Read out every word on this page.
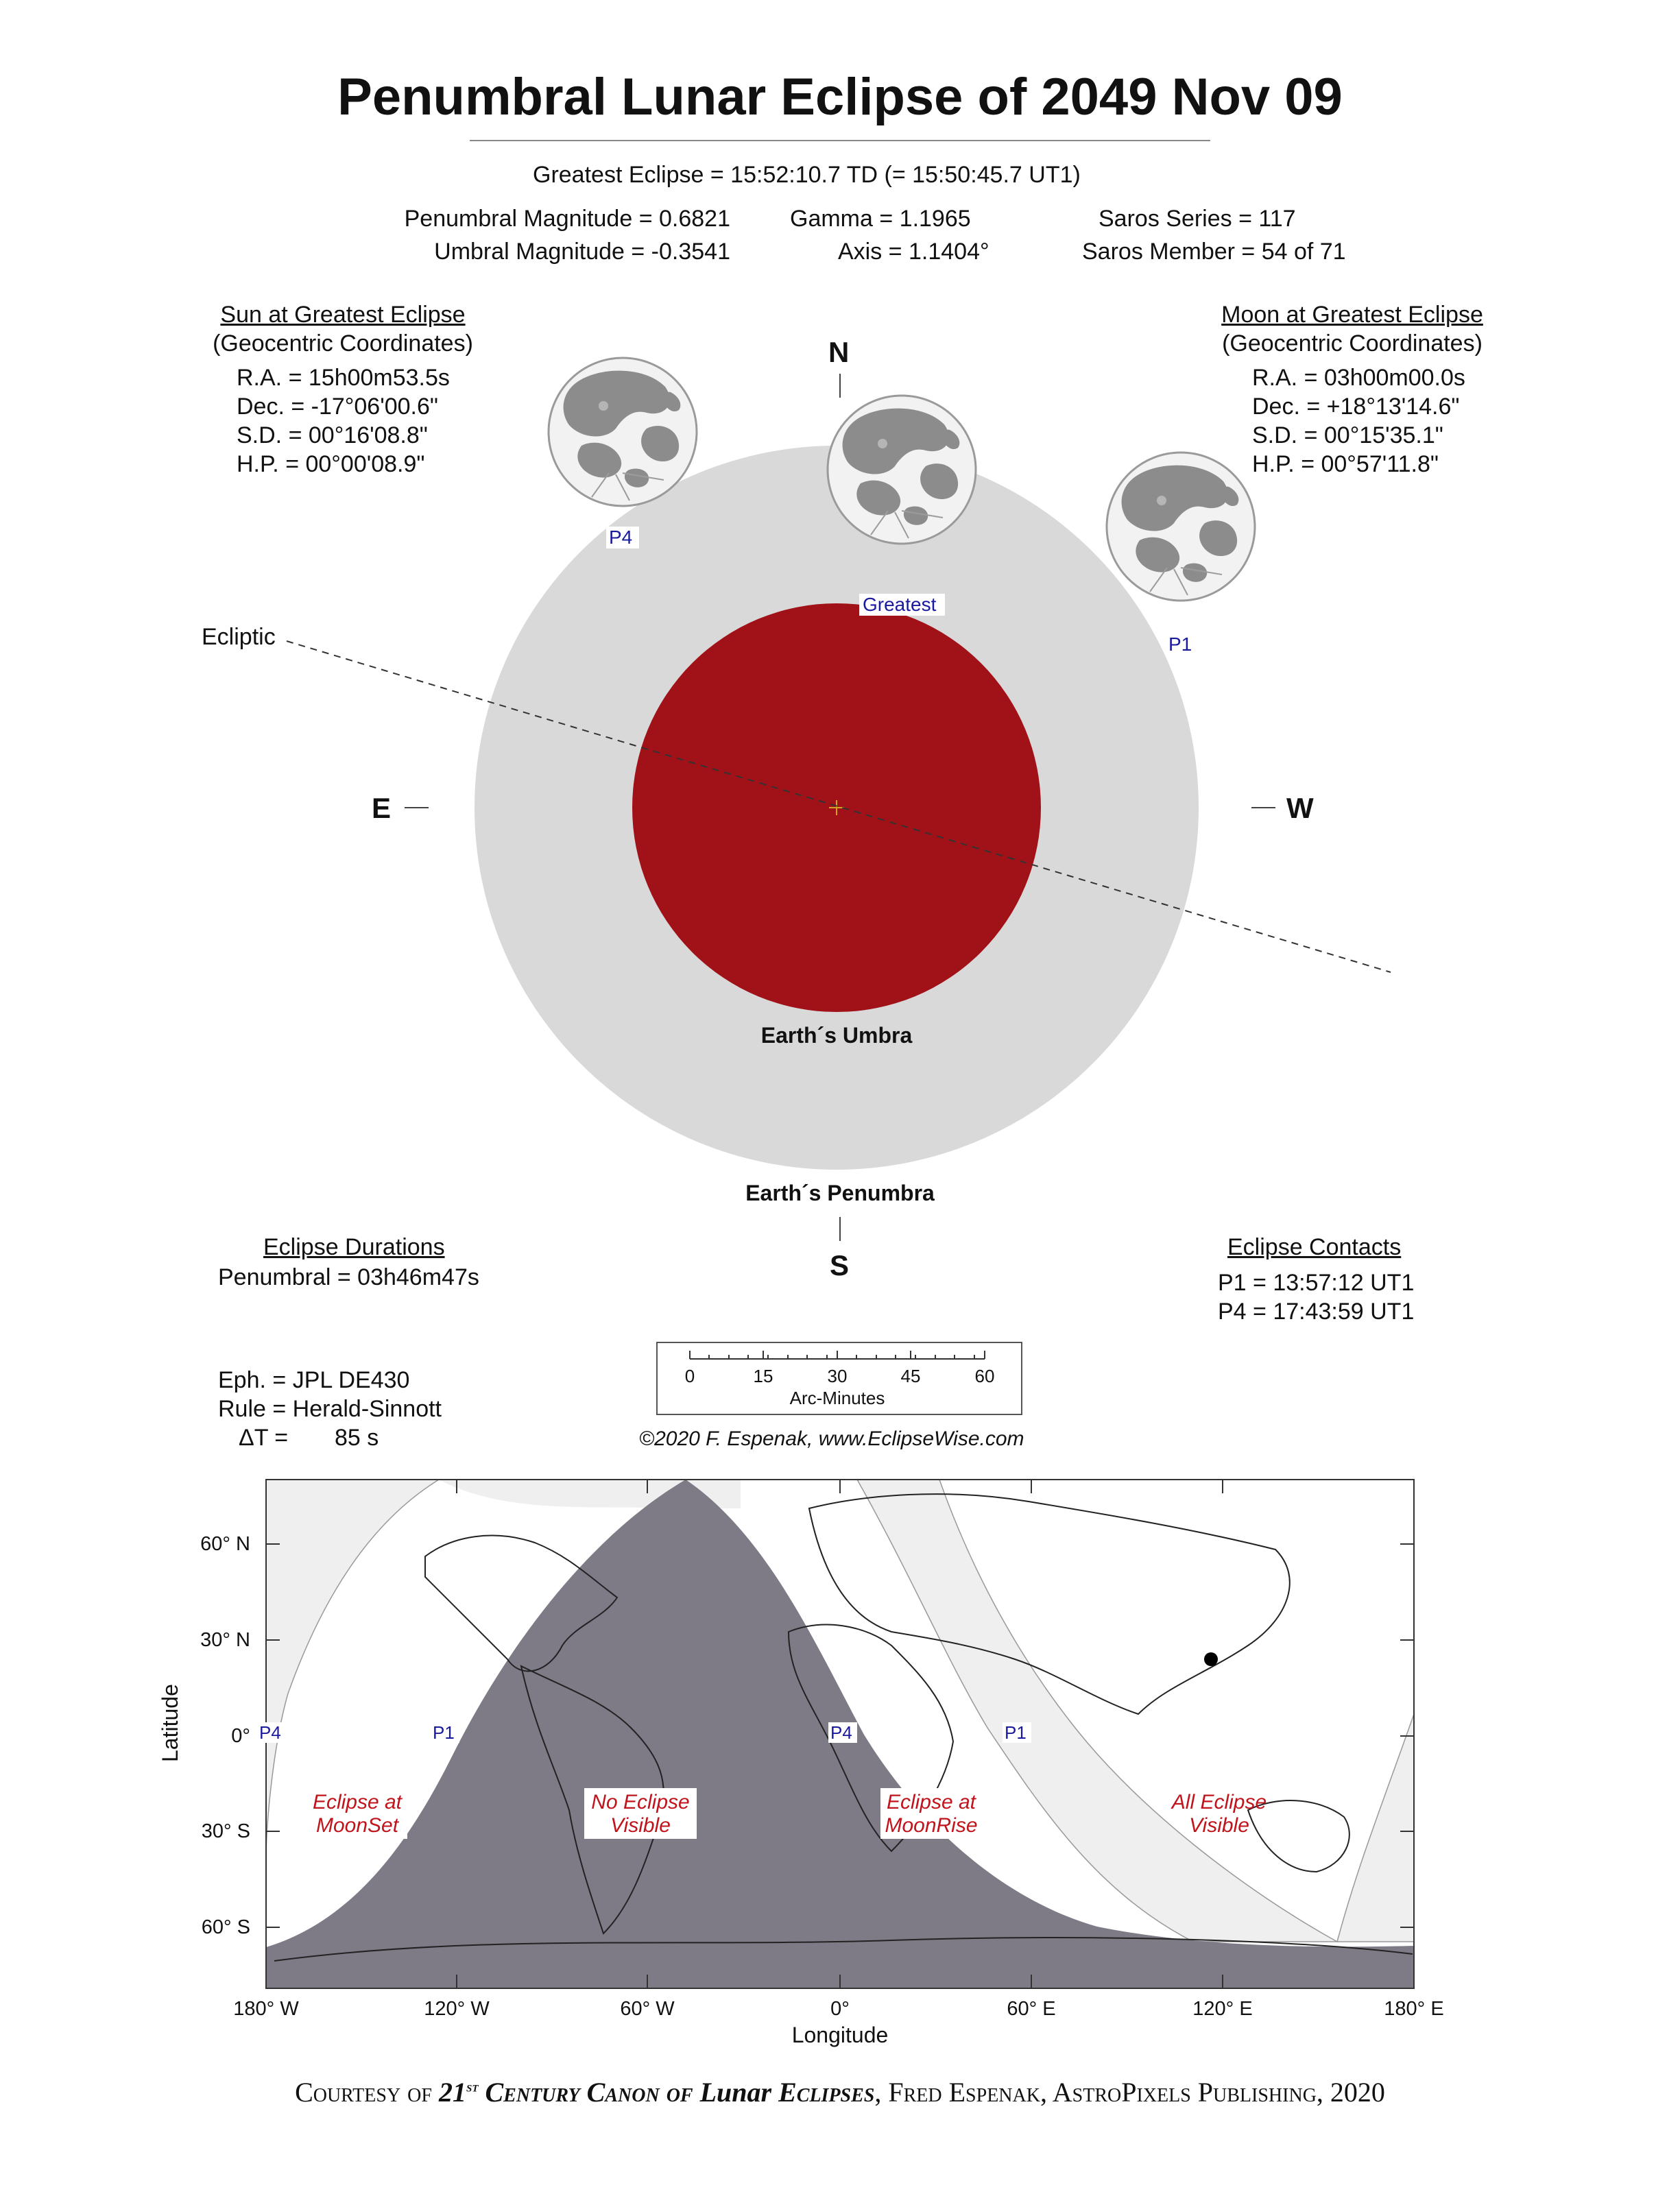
Penumbral Lunar Eclipse of 2049 Nov 09
Greatest Eclipse = 15:52:10.7 TD (= 15:50:45.7 UT1)
Penumbral Magnitude = 0.6821
Umbral Magnitude = -0.3541
Gamma = 1.1965
Axis = 1.1404°
Saros Series = 117
Saros Member = 54 of 71
Sun at Greatest Eclipse
(Geocentric Coordinates)
R.A. = 15h00m53.5s
Dec. = -17°06'00.6"
S.D. = 00°16'08.8"
H.P. = 00°00'08.9"
Moon at Greatest Eclipse
(Geocentric Coordinates)
R.A. = 03h00m00.0s
Dec. = +18°13'14.6"
S.D. = 00°15'35.1"
H.P. = 00°57'11.8"
N
S
E	W
Ecliptic
P4
Greatest
P1
Earth´s Umbra
Earth´s Penumbra
Eclipse Durations
Penumbral = 03h46m47s
Eclipse Contacts
P1 = 13:57:12 UT1
P4 = 17:43:59 UT1
Eph. = JPL DE430
Rule = Herald-Sinnott
ΔT = 85 s
0	15	30	45	60
Arc-Minutes
©2020 F. Espenak, www.EclipseWise.com
Latitude
Longitude
60° N
30° N
0°
30° S
60° S
180° W	120° W	60° W	0°	60° E	120° E	180° E
P4	P1	P4	P1
Eclipse at
MoonSet
No Eclipse
Visible
Eclipse at
MoonRise
All Eclipse
Visible
Courtesy of 21st Century Canon of Lunar Eclipses, Fred Espenak, AstroPixels Publishing, 2020
